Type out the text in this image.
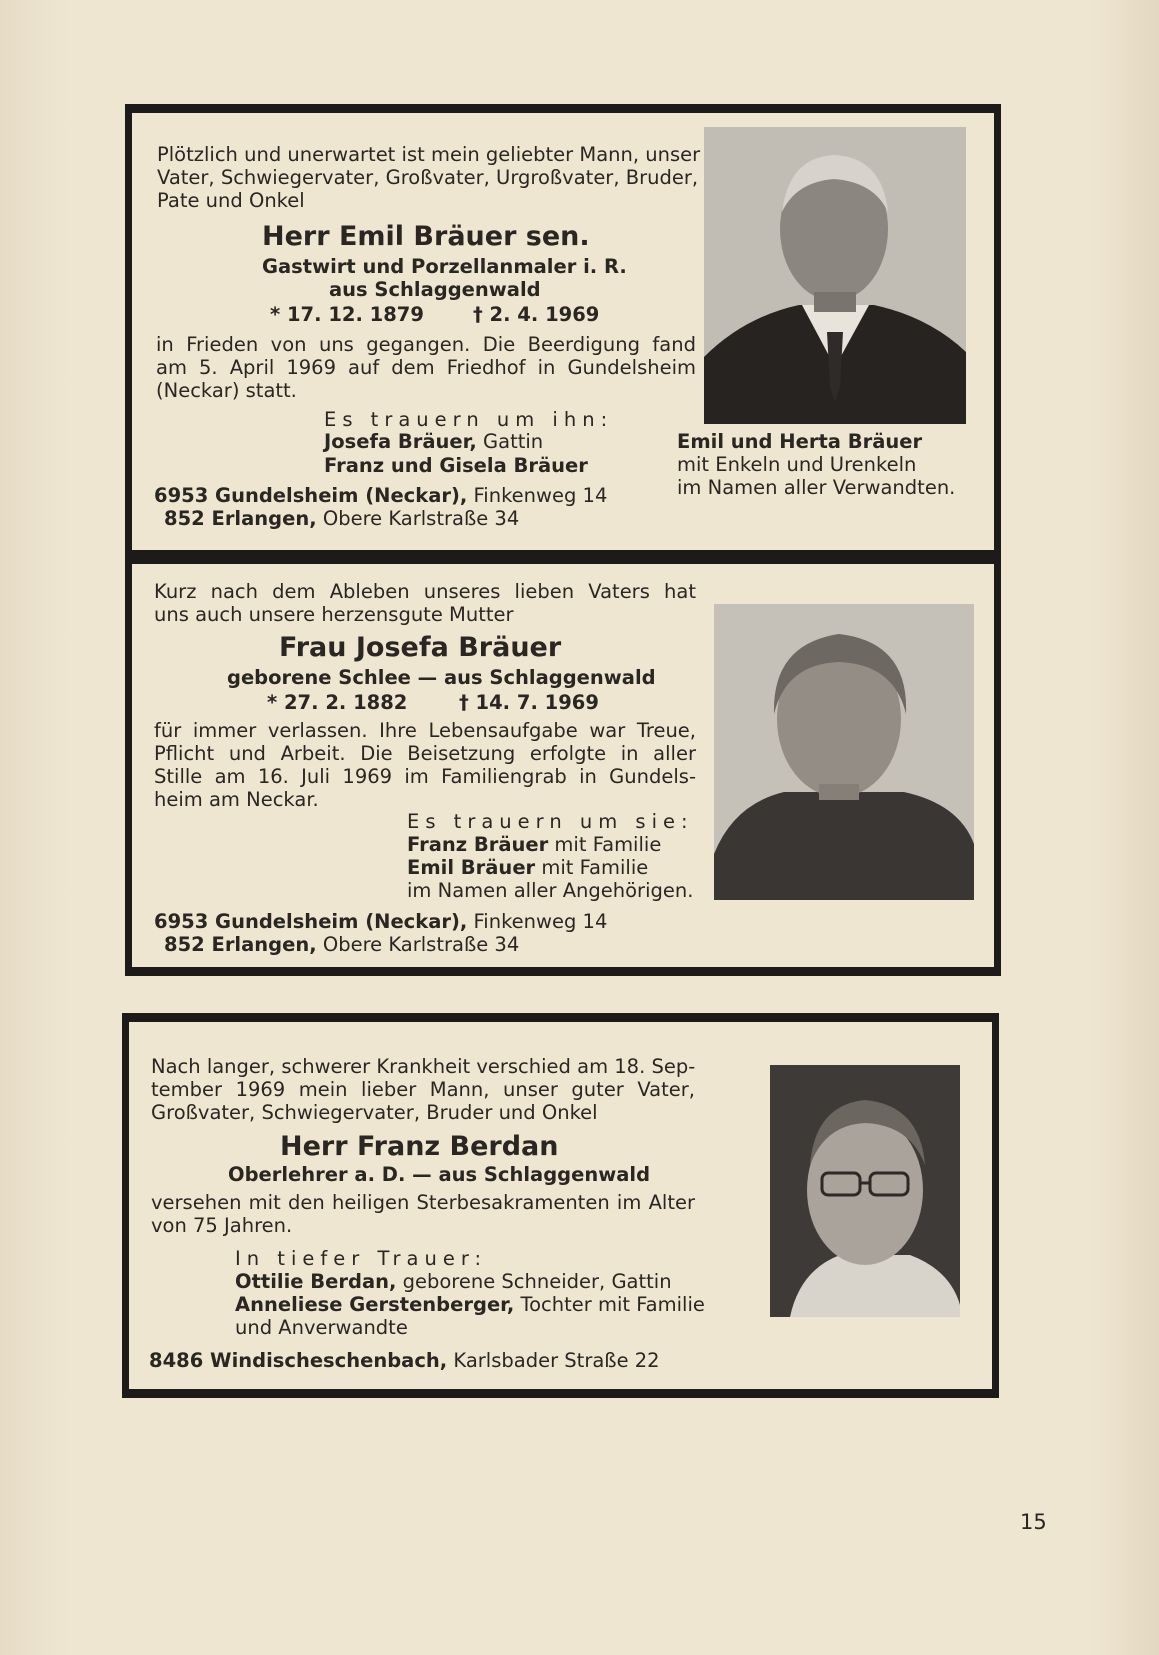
Plötzlich und unerwartet ist mein geliebter Mann, unser
Vater, Schwiegervater, Großvater, Urgroßvater, Bruder,
Pate und Onkel
Herr Emil Bräuer sen.
Gastwirt und Porzellanmaler i. R.
aus Schlaggenwald
* 17. 12. 1879	† 2. 4. 1969
in Frieden von uns gegangen. Die Beerdigung fand
am 5. April 1969 auf dem Friedhof in Gundelsheim
(Neckar) statt.
Es trauern um ihn:
Josefa Bräuer, Gattin
Franz und Gisela Bräuer
Emil und Herta Bräuer
mit Enkeln und Urenkeln
im Namen aller Verwandten.
6953 Gundelsheim (Neckar), Finkenweg 14
852 Erlangen, Obere Karlstraße 34
Kurz nach dem Ableben unseres lieben Vaters hat
uns auch unsere herzensgute Mutter
Frau Josefa Bräuer
geborene Schlee — aus Schlaggenwald
* 27. 2. 1882	† 14. 7. 1969
für immer verlassen. Ihre Lebensaufgabe war Treue,
Pflicht und Arbeit. Die Beisetzung erfolgte in aller
Stille am 16. Juli 1969 im Familiengrab in Gundels-
heim am Neckar.
Es trauern um sie:
Franz Bräuer mit Familie
Emil Bräuer mit Familie
im Namen aller Angehörigen.
6953 Gundelsheim (Neckar), Finkenweg 14
852 Erlangen, Obere Karlstraße 34
Nach langer, schwerer Krankheit verschied am 18. Sep-
tember 1969 mein lieber Mann, unser guter Vater,
Großvater, Schwiegervater, Bruder und Onkel
Herr Franz Berdan
Oberlehrer a. D. — aus Schlaggenwald
versehen mit den heiligen Sterbesakramenten im Alter
von 75 Jahren.
In tiefer Trauer:
Ottilie Berdan, geborene Schneider, Gattin
Anneliese Gerstenberger, Tochter mit Familie
und Anverwandte
8486 Windischeschenbach, Karlsbader Straße 22
15
